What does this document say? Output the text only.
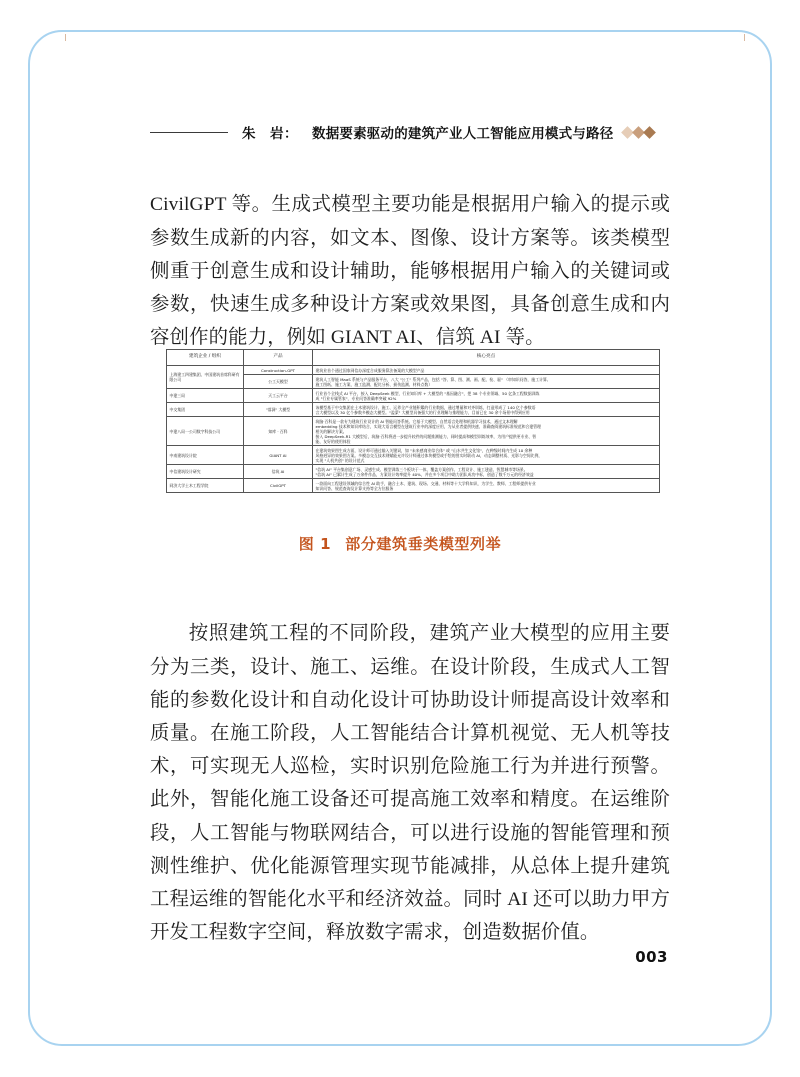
朱　岩： 数据要素驱动的建筑产业人工智能应用模式与路径

CivilGPT 等。生成式模型主要功能是根据用户输入的提示或参数生成新的内容，如文本、图像、设计方案等。该类模型侧重于创意生成和设计辅助，能够根据用户输入的关键词或参数，快速生成多种设计方案或效果图，具备创意生成和内容创作的能力，例如 GIANT AI、信筑 AI 等。

建筑企业 / 组织	产品	核心亮点
上海建工四建集团、中国建筑首席科研有限公司	Construction-GPT	建筑业首个通过国家网信办深度合成服务算法备案的大模型产品

	公工天模型	建筑人工智能 MaaS 系统与产品服务平台，八大 "公工" 系列产品，包括 "答、算、图、测、画、配、检、驱" （审知识问答，施工计算、

施工图纸、施工方案、施工监测、配比分析、损伤监测、材料点数）

中建三局	天工云平台	行业首个全栈式 AI 平台，接入 DeepSeek 模型，行业知识库 + 大模型的 "基因融合"，把 38 个专业领域、50 亿条工程数据训练

成 "行业专属管家"，专业问答准确率突破 92%

中交集团	"落洞" 大模型	该模型基于中交集团在土木建筑设计、施工、运养全产业链积累的行业数据，通过增量和对齐训练，打造形成了 140 亿个参数语

言大模型以及 30 亿个参数多模态大模型。"盈蒙" 大模型具备强大的行业理解与推理能力，目前已在 30 余个场景中得到应用

中建八局一公司数字科技公司	知库 · 百科	筑脑·百科是一款专为建筑行业设计的 AI 智能问答系统。它基于大模型、自然语言处理和机器学习技术，通过文本理解

embedding 技术和知识库结合，实现大语言模型在建筑行业中的深度应用，为从业者提供快速、准确查阅建筑标准规范和合建管理

相关的解决方案。

接入 DeepSeek-R1 大模型后，筑脑·百科将进一步提升较件的问题推测能力，同时提高和模型训练效率，为用户提供更专业、智

能、友好的使用体验

中南建筑设计院	GIANT AI	在建筑效果图生成方面，设计师可通过输入关键词，如 "未来感商业综合体" 或 "山水共生文化馆"，在种级时间内生成 10 余种

风格迥异的效果图方案。多模态交互技术则赋能允许设计师通过体块模型或手绘的图实时联动 AI，动态调整材质、光影与空间比例，

实现 "人机共创" 的设计范式

中信建筑设计研究	信筑 AI	"信筑 AI" 平台集创意广场、灵感生成、模型训练三个板块于一体，覆盖方案创作、工程设计、施工建造、智慧城市等场景。

"信筑 AI" 已累计生成了万余件作品，方案设计效率提升 40%，并在多个项目中助力团队成功中标，创造了数千万元的经济效益

同济大学土木工程学院	CivilGPT	一款面向工程建设领域的综合性 AI 助手，融合土木、建筑、现场、交通、材料等十大学科知识，为学生、教师、工程师提供专业

知识问答、规范查询及计算支持等全方位服务

图 1 部分建筑垂类模型列举

按照建筑工程的不同阶段，建筑产业大模型的应用主要分为三类，设计、施工、运维。在设计阶段，生成式人工智能的参数化设计和自动化设计可协助设计师提高设计效率和质量。在施工阶段，人工智能结合计算机视觉、无人机等技术，可实现无人巡检，实时识别危险施工行为并进行预警。此外，智能化施工设备还可提高施工效率和精度。在运维阶段，人工智能与物联网结合，可以进行设施的智能管理和预测性维护、优化能源管理实现节能减排，从总体上提升建筑工程运维的智能化水平和经济效益。同时 AI 还可以助力甲方开发工程数字空间，释放数字需求，创造数据价值。

003
